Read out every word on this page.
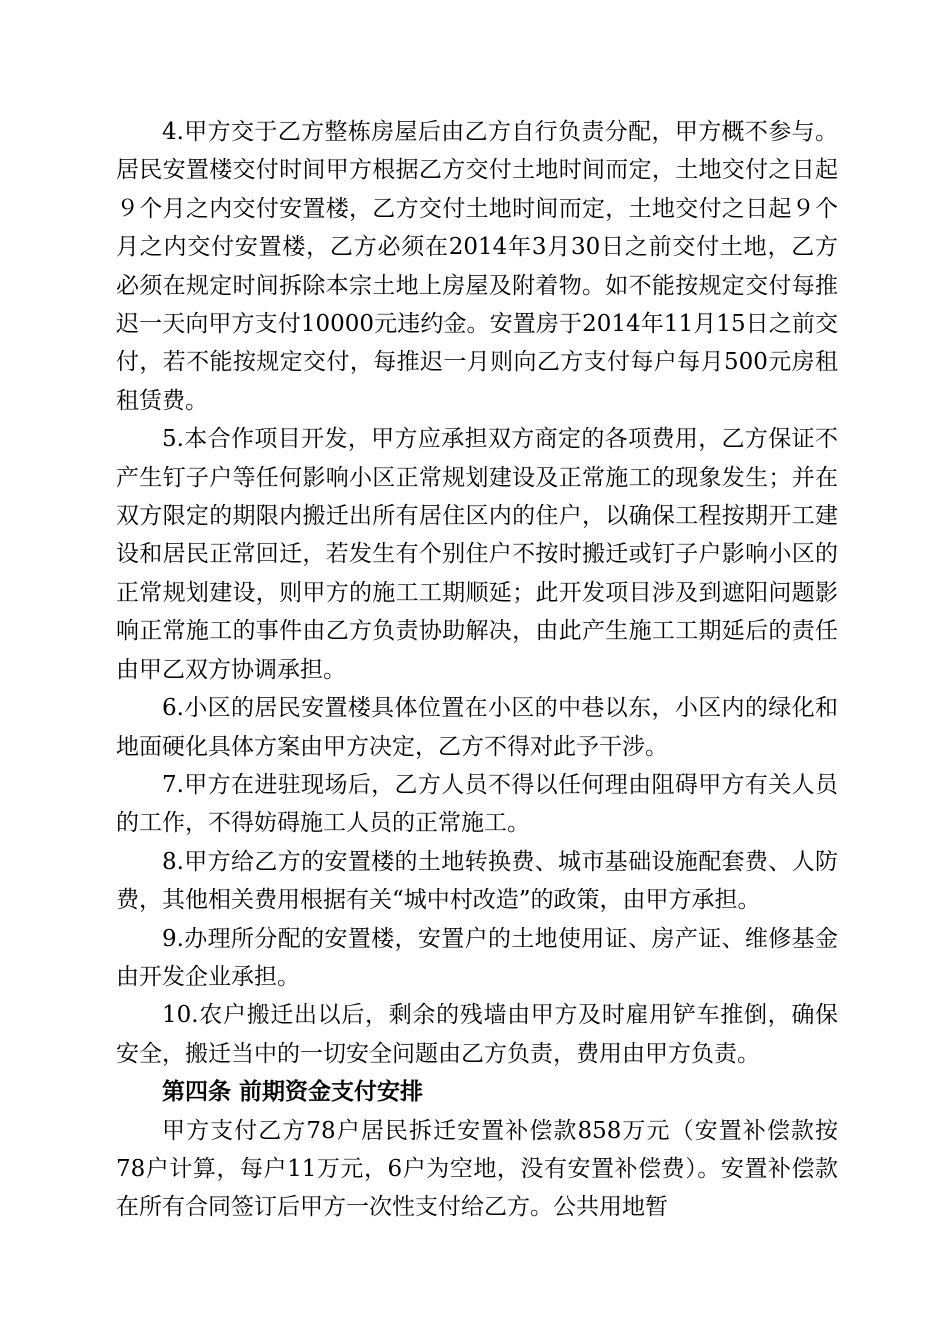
4.甲方交于乙方整栋房屋后由乙方自行负责分配，甲方概不参与。居民安置楼交付时间甲方根据乙方交付土地时间而定，土地交付之日起９个月之内交付安置楼，乙方交付土地时间而定，土地交付之日起９个月之内交付安置楼，乙方必须在2014年3月30日之前交付土地，乙方必须在规定时间拆除本宗土地上房屋及附着物。如不能按规定交付每推迟一天向甲方支付10000元违约金。安置房于2014年11月15日之前交付，若不能按规定交付，每推迟一月则向乙方支付每户每月500元房租租赁费。

5.本合作项目开发，甲方应承担双方商定的各项费用，乙方保证不产生钉子户等任何影响小区正常规划建设及正常施工的现象发生；并在双方限定的期限内搬迁出所有居住区内的住户，以确保工程按期开工建设和居民正常回迁，若发生有个别住户不按时搬迁或钉子户影响小区的正常规划建设，则甲方的施工工期顺延；此开发项目涉及到遮阳问题影响正常施工的事件由乙方负责协助解决，由此产生施工工期延后的责任由甲乙双方协调承担。

6.小区的居民安置楼具体位置在小区的中巷以东，小区内的绿化和地面硬化具体方案由甲方决定，乙方不得对此予干涉。

7.甲方在进驻现场后，乙方人员不得以任何理由阻碍甲方有关人员的工作，不得妨碍施工人员的正常施工。

8.甲方给乙方的安置楼的土地转换费、城市基础设施配套费、人防费，其他相关费用根据有关“城中村改造”的政策，由甲方承担。

9.办理所分配的安置楼，安置户的土地使用证、房产证、维修基金由开发企业承担。

10.农户搬迁出以后，剩余的残墙由甲方及时雇用铲车推倒，确保安全，搬迁当中的一切安全问题由乙方负责，费用由甲方负责。

第四条 前期资金支付安排

甲方支付乙方78户居民拆迁安置补偿款858万元（安置补偿款按78户计算，每户11万元，6户为空地，没有安置补偿费）。安置补偿款在所有合同签订后甲方一次性支付给乙方。公共用地暂
